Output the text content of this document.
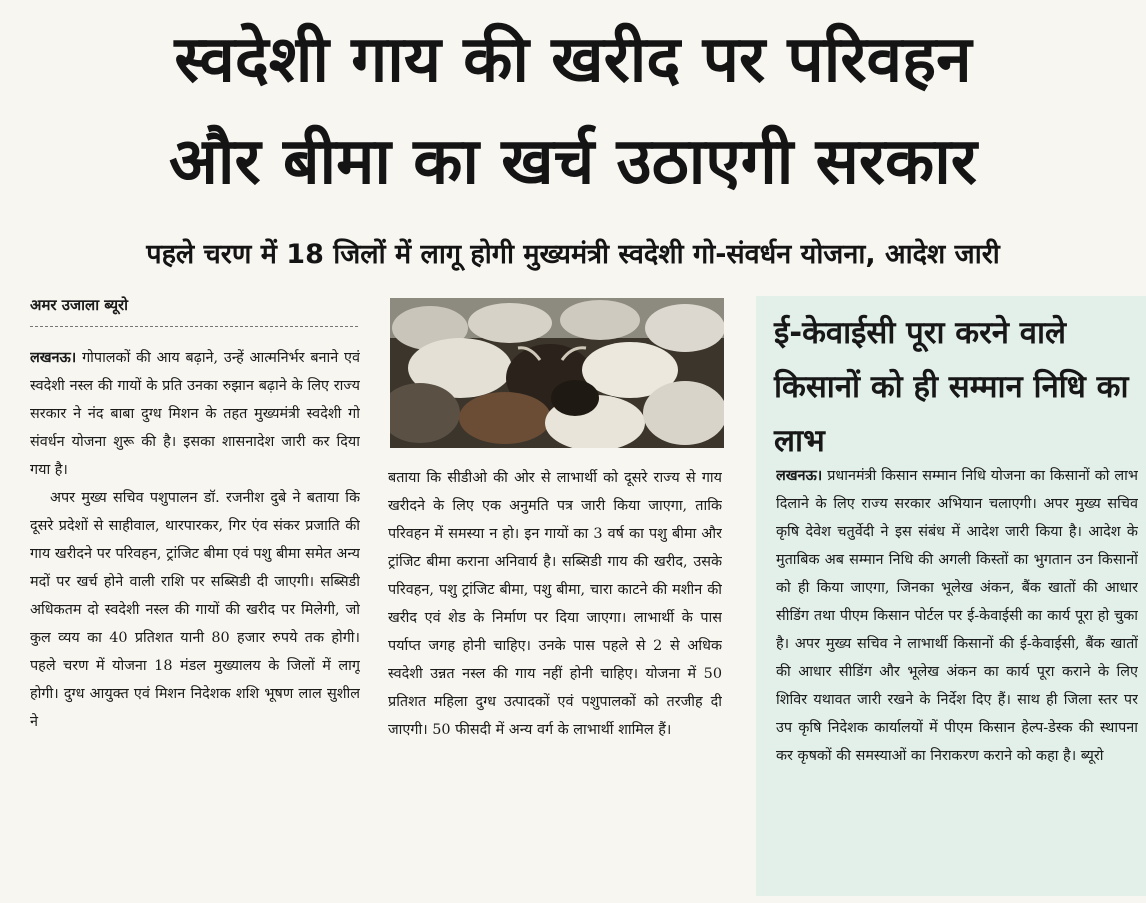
स्वदेशी गाय की खरीद पर परिवहन
और बीमा का खर्च उठाएगी सरकार
पहले चरण में 18 जिलों में लागू होगी मुख्यमंत्री स्वदेशी गो-संवर्धन योजना, आदेश जारी
अमर उजाला ब्यूरो

लखनऊ। गोपालकों की आय बढ़ाने, उन्हें आत्मनिर्भर बनाने एवं स्वदेशी नस्ल की गायों के प्रति उनका रुझान बढ़ाने के लिए राज्य सरकार ने नंद बाबा दुग्ध मिशन के तहत मुख्यमंत्री स्वदेशी गो संवर्धन योजना शुरू की है। इसका शासनादेश जारी कर दिया गया है।

अपर मुख्य सचिव पशुपालन डॉ. रजनीश दुबे ने बताया कि दूसरे प्रदेशों से साहीवाल, थारपारकर, गिर एंव संकर प्रजाति की गाय खरीदने पर परिवहन, ट्रांजिट बीमा एवं पशु बीमा समेत अन्य मदों पर खर्च होने वाली राशि पर सब्सिडी दी जाएगी। सब्सिडी अधिकतम दो स्वदेशी नस्ल की गायों की खरीद पर मिलेगी, जो कुल व्यय का 40 प्रतिशत यानी 80 हजार रुपये तक होगी। पहले चरण में योजना 18 मंडल मुख्यालय के जिलों में लागू होगी। दुग्ध आयुक्त एवं मिशन निदेशक शशि भूषण लाल सुशील ने

बताया कि सीडीओ की ओर से लाभार्थी को दूसरे राज्य से गाय खरीदने के लिए एक अनुमति पत्र जारी किया जाएगा, ताकि परिवहन में समस्या न हो। इन गायों का 3 वर्ष का पशु बीमा और ट्रांजिट बीमा कराना अनिवार्य है। सब्सिडी गाय की खरीद, उसके परिवहन, पशु ट्रांजिट बीमा, पशु बीमा, चारा काटने की मशीन की खरीद एवं शेड के निर्माण पर दिया जाएगा। लाभार्थी के पास पर्याप्त जगह होनी चाहिए। उनके पास पहले से 2 से अधिक स्वदेशी उन्नत नस्ल की गाय नहीं होनी चाहिए। योजना में 50 प्रतिशत महिला दुग्ध उत्पादकों एवं पशुपालकों को तरजीह दी जाएगी। 50 फीसदी में अन्य वर्ग के लाभार्थी शामिल हैं।

ई-केवाईसी पूरा करने वाले किसानों को ही सम्मान निधि का लाभ

लखनऊ। प्रधानमंत्री किसान सम्मान निधि योजना का किसानों को लाभ दिलाने के लिए राज्य सरकार अभियान चलाएगी। अपर मुख्य सचिव कृषि देवेश चतुर्वेदी ने इस संबंध में आदेश जारी किया है। आदेश के मुताबिक अब सम्मान निधि की अगली किस्तों का भुगतान उन किसानों को ही किया जाएगा, जिनका भूलेख अंकन, बैंक खातों की आधार सीडिंग तथा पीएम किसान पोर्टल पर ई-केवाईसी का कार्य पूरा हो चुका है। अपर मुख्य सचिव ने लाभार्थी किसानों की ई-केवाईसी, बैंक खातों की आधार सीडिंग और भूलेख अंकन का कार्य पूरा कराने के लिए शिविर यथावत जारी रखने के निर्देश दिए हैं। साथ ही जिला स्तर पर उप कृषि निदेशक कार्यालयों में पीएम किसान हेल्प-डेस्क की स्थापना कर कृषकों की समस्याओं का निराकरण कराने को कहा है। ब्यूरो
